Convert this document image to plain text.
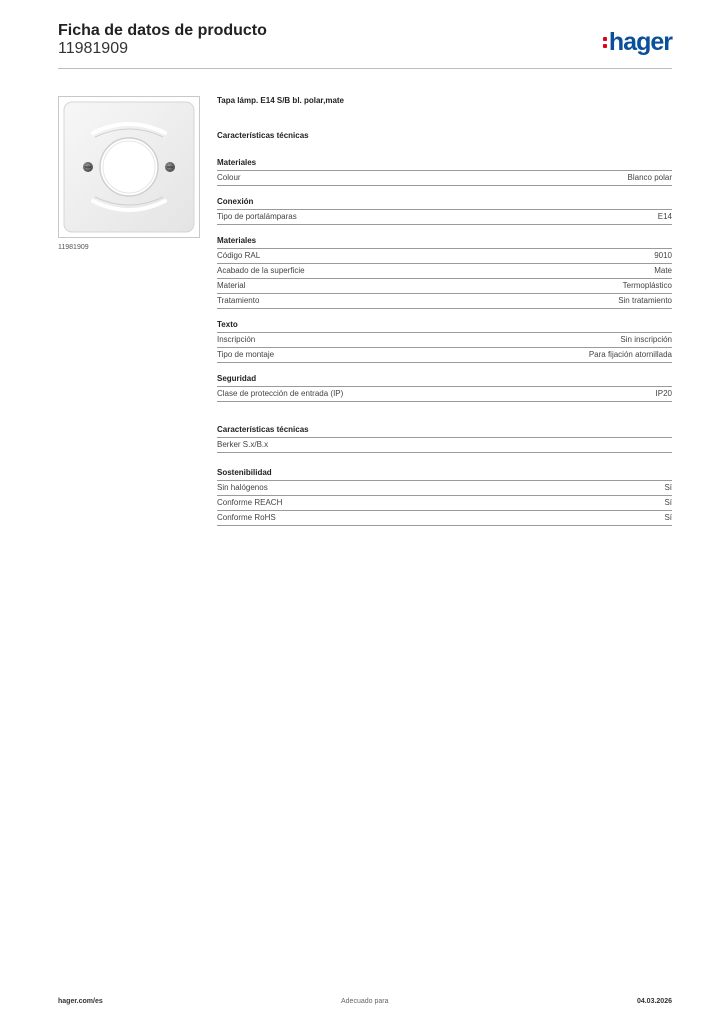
Ficha de datos de producto
11981909	hager
11981909
Tapa lámp. E14 S/B bl. polar,mate
Características técnicas
Materiales
Colour	Blanco polar
Conexión
Tipo de portalámparas	E14
Materiales
Código RAL	9010
Acabado de la superficie	Mate
Material	Termoplástico
Tratamiento	Sin tratamiento
Texto
Inscripción	Sin inscripción
Tipo de montaje	Para fijación atornillada
Seguridad
Clase de protección de entrada (IP)	IP20
Características técnicas
Berker S.x/B.x
Sostenibilidad
Sin halógenos	Sí
Conforme REACH	Sí
Conforme RoHS	Sí
hager.com/es	Adecuado para	04.03.2026
